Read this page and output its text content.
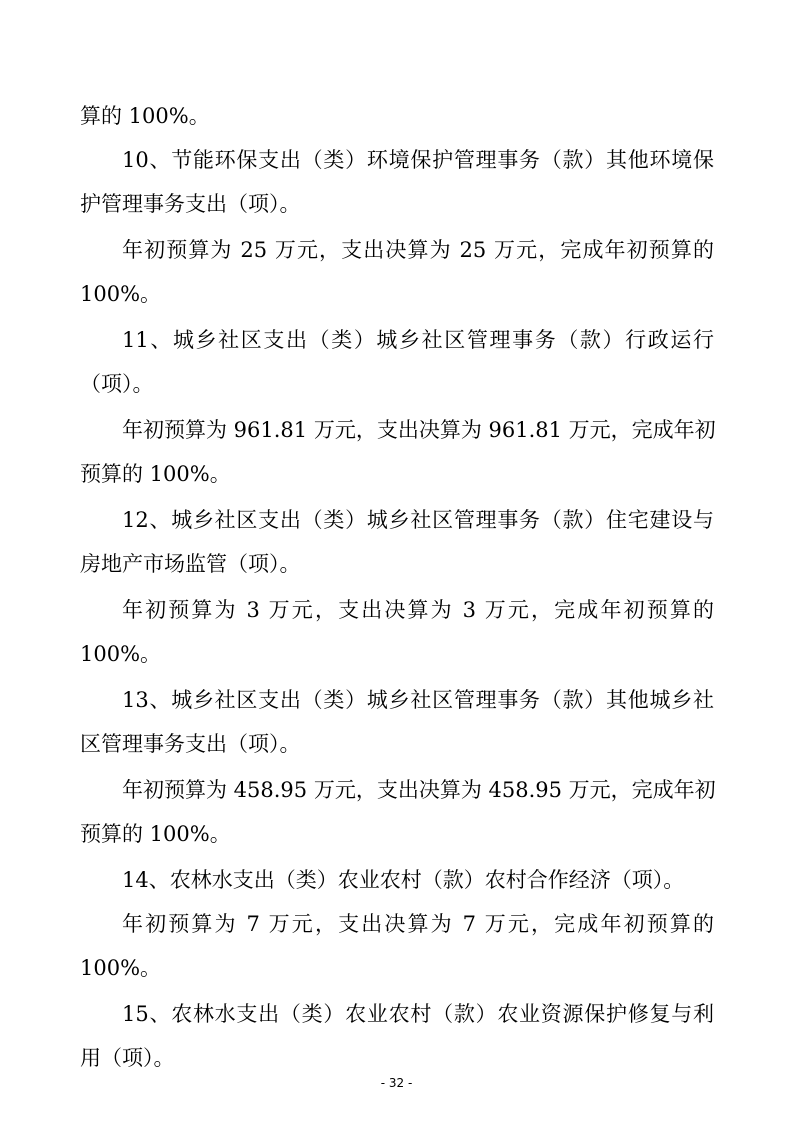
算的 100%。
10、节能环保支出（类）环境保护管理事务（款）其他环境保
护管理事务支出（项）。
年初预算为 25 万元，支出决算为 25 万元，完成年初预算的
100%。
11、城乡社区支出（类）城乡社区管理事务（款）行政运行
（项）。
年初预算为 961.81 万元，支出决算为 961.81 万元，完成年初
预算的 100%。
12、城乡社区支出（类）城乡社区管理事务（款）住宅建设与
房地产市场监管（项）。
年初预算为 3 万元，支出决算为 3 万元，完成年初预算的
100%。
13、城乡社区支出（类）城乡社区管理事务（款）其他城乡社
区管理事务支出（项）。
年初预算为 458.95 万元，支出决算为 458.95 万元，完成年初
预算的 100%。
14、农林水支出（类）农业农村（款）农村合作经济（项）。
年初预算为 7 万元，支出决算为 7 万元，完成年初预算的
100%。
15、农林水支出（类）农业农村（款）农业资源保护修复与利
用（项）。
- 32 -
